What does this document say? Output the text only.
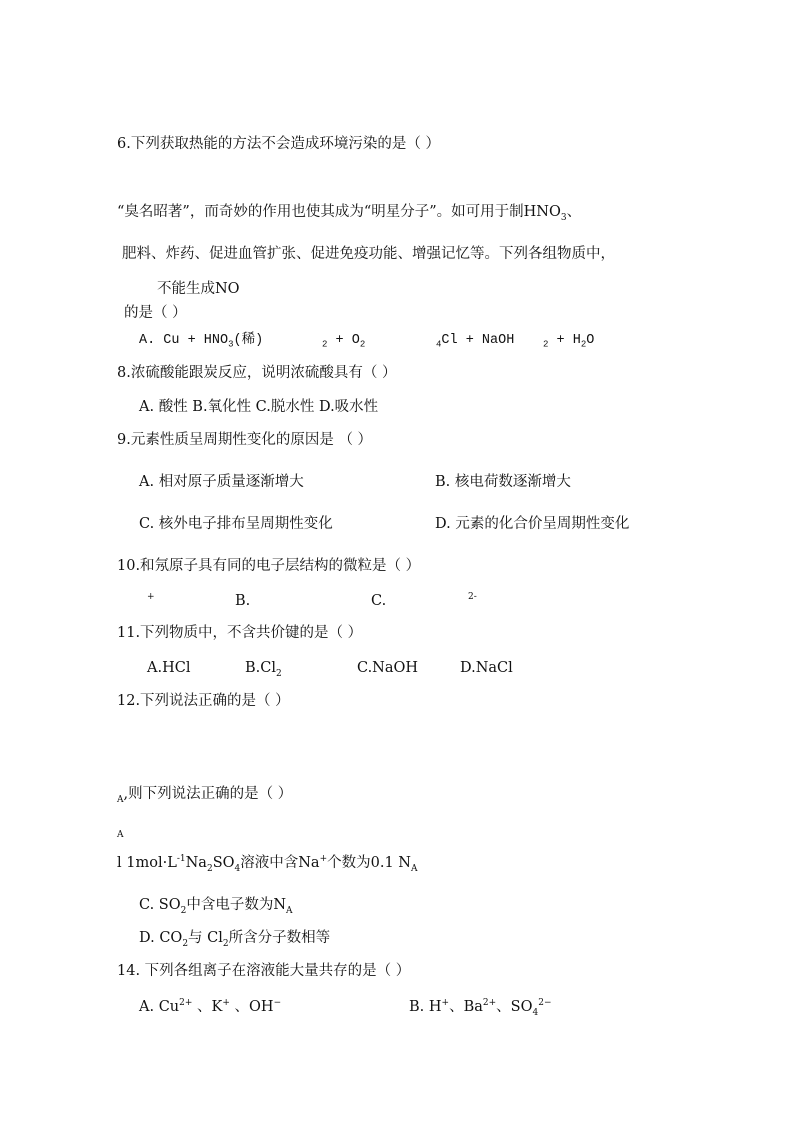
6.下列获取热能的方法不会造成环境污染的是（ ）
“臭名昭著”，而奇妙的作用也使其成为“明星分子”。如可用于制$HNO_3$、
肥料、炸药、促进血管扩张、促进免疫功能、增强记忆等。下列各组物质中，
不能生成NO
的是（ ）
A. $Cu + HNO_3$(稀)	$_2 + O_2$	$_4$Cl + NaOH	$_2 + H_2O$
8.浓硫酸能跟炭反应，说明浓硫酸具有（ ）
A. 酸性 B.氧化性 C.脱水性 D.吸水性
9.元素性质呈周期性变化的原因是 （ ）
A. 相对原子质量逐渐增大	B. 核电荷数逐渐增大
C. 核外电子排布呈周期性变化	D. 元素的化合价呈周期性变化
10.和氖原子具有同的电子层结构的微粒是（ ）
+	B.	C.	2-
11.下列物质中，不含共价键的是（ ）
A.HCl	$B.Cl_2$	C.NaOH	D.NaCl
12.下列说法正确的是（ ）
$_A$,则下列说法正确的是（ ）
A
l $1mol\cdot L^{-1}Na_2SO_4$溶液中含Na+个数为0.1 $N_A$
C. $SO_2$中含电子数为$N_A$
D. $CO_2$与 $Cl_2$所含分子数相等
14. 下列各组离子在溶液能大量共存的是（ ）
A. $Cu^{2+}$ 、K+ 、OH−	B. H+、$Ba^{2+}$、$SO_4^{2-}$
